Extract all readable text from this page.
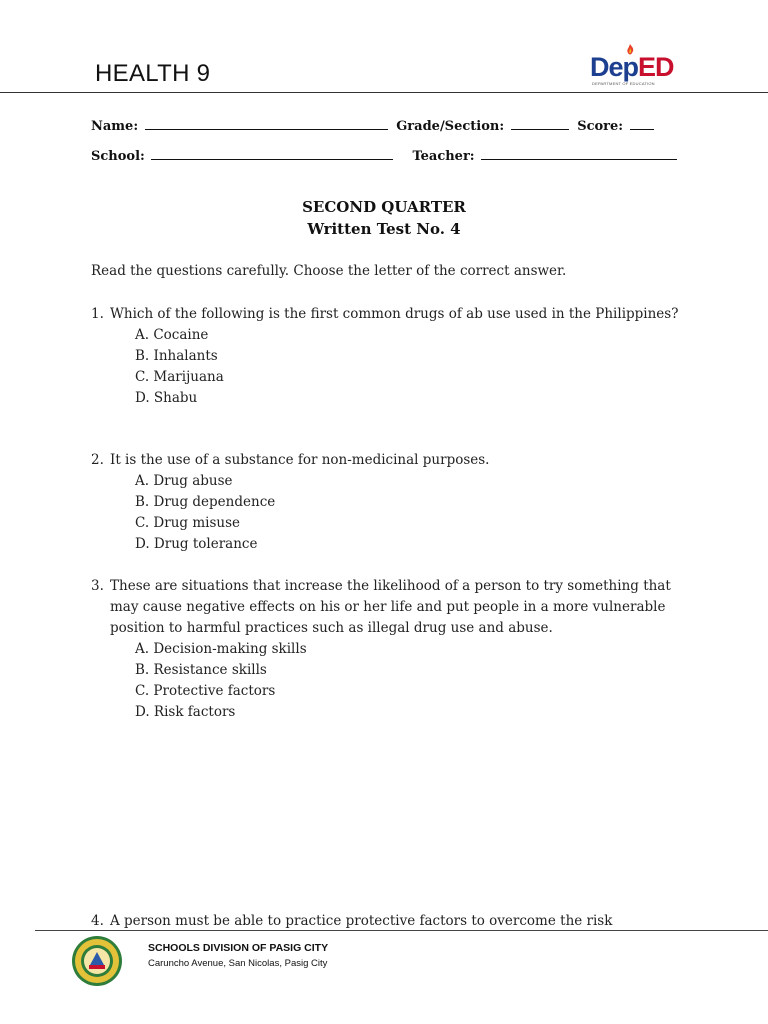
HEALTH 9	DepED
DEPARTMENT OF EDUCATION
Name:	Grade/Section:	Score:
School:	Teacher:
SECOND QUARTER
Written Test No. 4
Read the questions carefully. Choose the letter of the correct answer.
1. Which of the following is the first common drugs of ab use used in the Philippines?
A. Cocaine
B. Inhalants
C. Marijuana
D. Shabu
2. It is the use of a substance for non-medicinal purposes.
A. Drug abuse
B. Drug dependence
C. Drug misuse
D. Drug tolerance
3. These are situations that increase the likelihood of a person to try something that may cause negative effects on his or her life and put people in a more vulnerable position to harmful practices such as illegal drug use and abuse.
A. Decision-making skills
B. Resistance skills
C. Protective factors
D. Risk factors
4. A person must be able to practice protective factors to overcome the risk
SCHOOLS DIVISION OF PASIG CITY
Caruncho Avenue, San Nicolas, Pasig City
